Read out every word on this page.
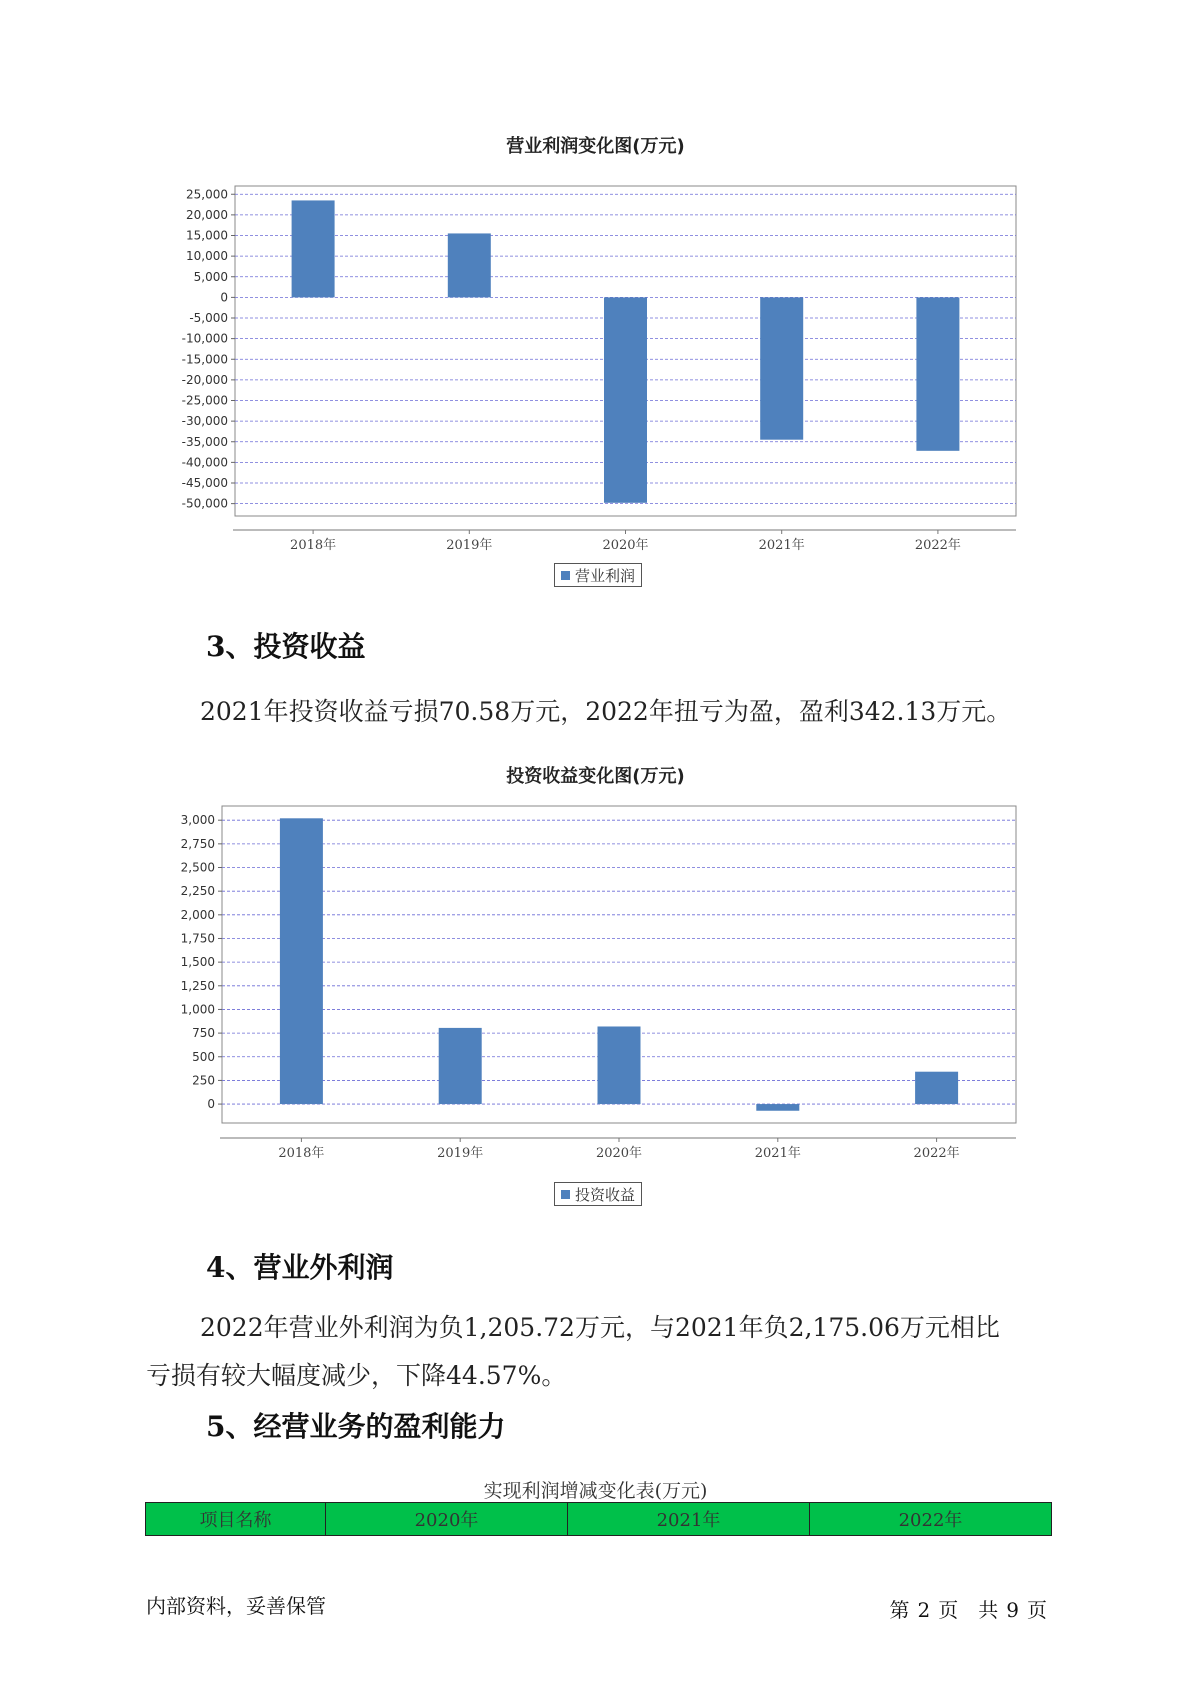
营业利润变化图(万元)
25,000
20,000
15,000
10,000
5,000
0
-5,000
-10,000
-15,000
-20,000
-25,000
-30,000
-35,000
-40,000
-45,000
-50,000
2018年	2019年	2020年	2021年	2022年
营业利润
3、投资收益
2021年投资收益亏损70.58万元，2022年扭亏为盈，盈利342.13万元。
投资收益变化图(万元)
3,000
2,750
2,500
2,250
2,000
1,750
1,500
1,250
1,000
750
500
250
0
2018年	2019年	2020年	2021年	2022年
投资收益
4、营业外利润
2022年营业外利润为负1,205.72万元，与2021年负2,175.06万元相比
亏损有较大幅度减少，下降44.57%。
5、经营业务的盈利能力
实现利润增减变化表(万元)
项目名称	2020年	2021年	2022年
内部资料，妥善保管	第 2 页　共 9 页
